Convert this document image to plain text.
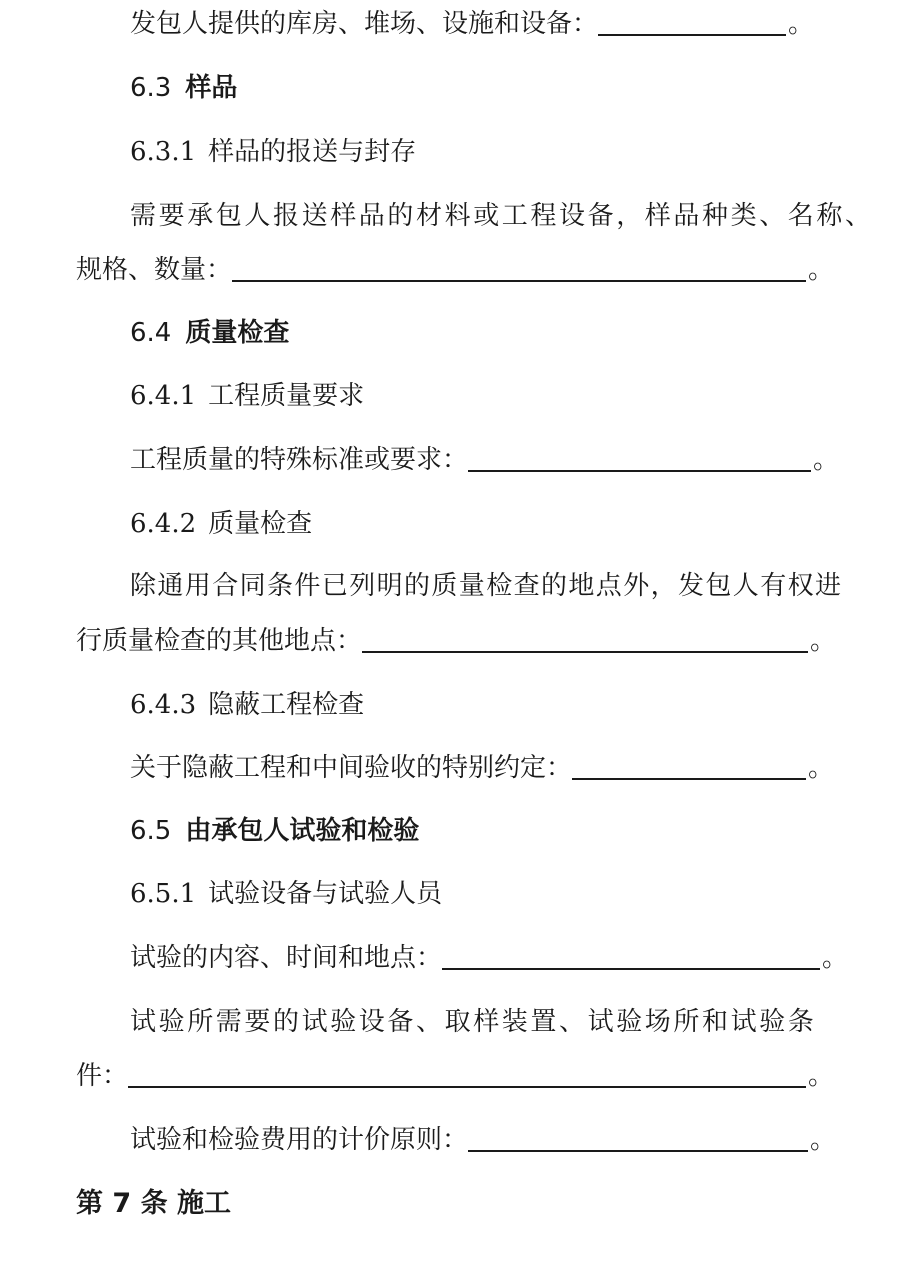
发包人提供的库房、堆场、设施和设备：	。
6.3 样品
6.3.1 样品的报送与封存
需要承包人报送样品的材料或工程设备，样品种类、名称、
规格、数量：	。
6.4 质量检查
6.4.1 工程质量要求
工程质量的特殊标准或要求：	。
6.4.2 质量检查
除通用合同条件已列明的质量检查的地点外，发包人有权进
行质量检查的其他地点：	。
6.4.3 隐蔽工程检查
关于隐蔽工程和中间验收的特别约定：	。
6.5 由承包人试验和检验
6.5.1 试验设备与试验人员
试验的内容、时间和地点：	。
试验所需要的试验设备、取样装置、试验场所和试验条
件：	。
试验和检验费用的计价原则：	。
第 7 条 施工
